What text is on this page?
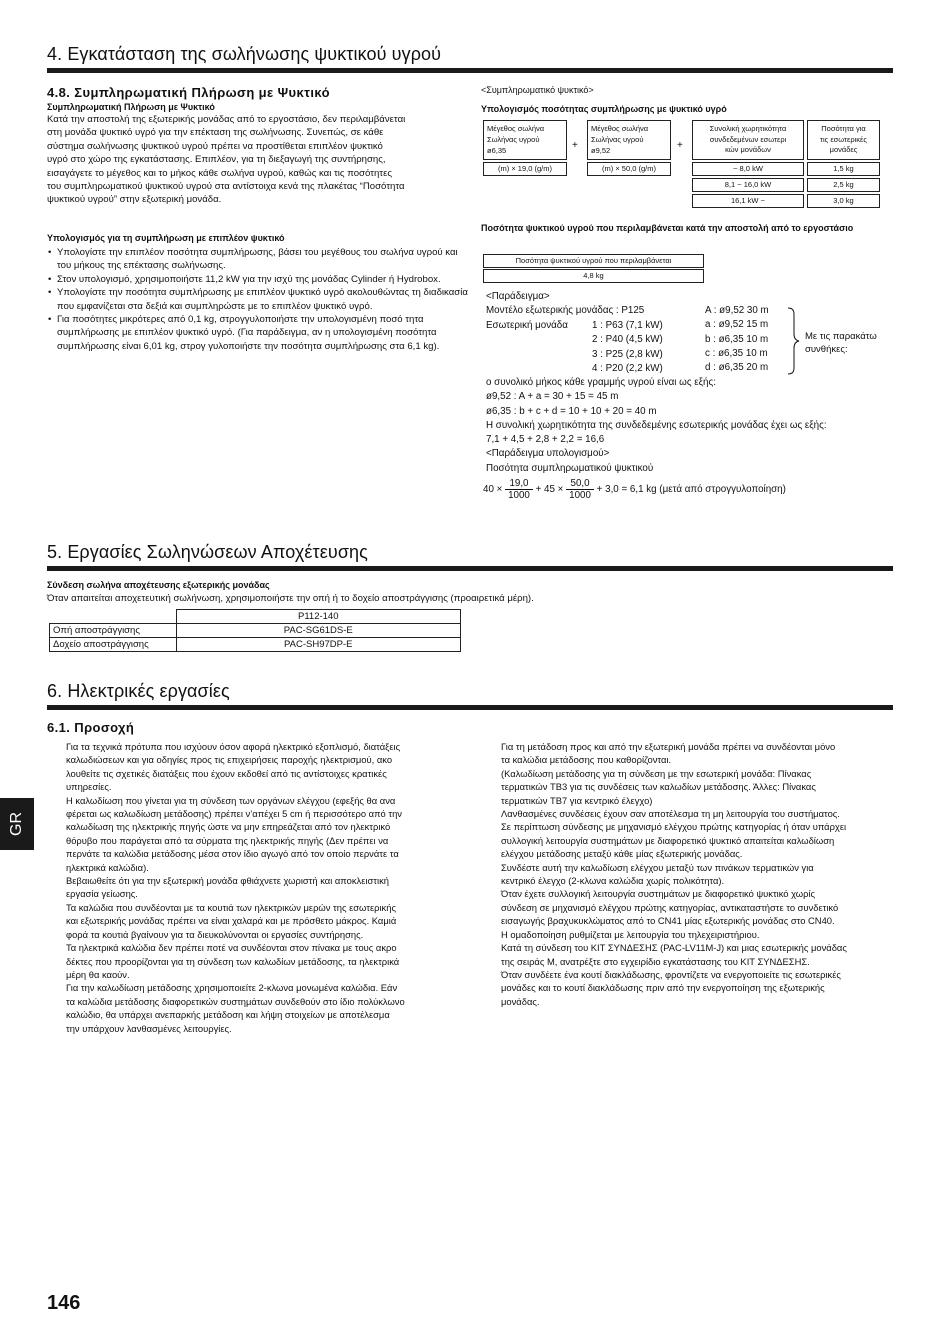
4. Εγκατάσταση της σωλήνωσης ψυκτικού υγρού
4.8. Συμπληρωματική Πλήρωση με Ψυκτικό
Συμπληρωματική Πλήρωση με Ψυκτικό
Κατά την αποστολή της εξωτερικής μονάδας από το εργοστάσιο, δεν περιλαμβάνεται
στη μονάδα ψυκτικό υγρό για την επέκταση της σωλήνωσης. Συνεπώς, σε κάθε
σύστημα σωλήνωσης ψυκτικού υγρού πρέπει να προστίθεται επιπλέον ψυκτικό
υγρό στο χώρο της εγκατάστασης. Επιπλέον, για τη διεξαγωγή της συντήρησης,
εισαγάγετε το μέγεθος και το μήκος κάθε σωλήνα υγρού, καθώς και τις ποσότητες
του συμπληρωματικού ψυκτικού υγρού στα αντίστοιχα κενά της πλακέτας “Ποσότητα
ψυκτικού υγρού” στην εξωτερική μονάδα.
Υπολογισμός για τη συμπλήρωση με επιπλέον ψυκτικό
• Υπολογίστε την επιπλέον ποσότητα συμπλήρωσης, βάσει του μεγέθους του σωλήνα υγρού και του μήκους της επέκτασης σωλήνωσης.
• Στον υπολογισμό, χρησιμοποιήστε 11,2 kW για την ισχύ της μονάδας Cylinder ή Hydrobox.
• Υπολογίστε την ποσότητα συμπλήρωσης με επιπλέον ψυκτικό υγρό ακολουθώντας τη διαδικασία που εμφανίζεται στα δεξιά και συμπληρώστε με το επιπλέον ψυκτικό υγρό.
• Για ποσότητες μικρότερες από 0,1 kg, στρογγυλοποιήστε την υπολογισμένη ποσό τητα συμπλήρωσης με επιπλέον ψυκτικό υγρό. (Για παράδειγμα, αν η υπολογισμένη ποσότητα συμπλήρωσης είναι 6,01 kg, στρογ γυλοποιήστε την ποσότητα συμπλήρωσης στα 6,1 kg).
<Συμπληρωματικό ψυκτικό>
Υπολογισμός ποσότητας συμπλήρωσης με ψυκτικό υγρό
Μέγεθος σωλήνα
Σωλήνας υγρού
ø6,35
(m) × 19,0 (g/m)
+
Μέγεθος σωλήνα
Σωλήνας υγρού
ø9,52
(m) × 50,0 (g/m)
+
Συνολική χωρητικότητα
συνδεδεμένων εσωτερι
κών μονάδων
Ποσότητα για
τις εσωτερικές
μονάδες
~ 8,0 kW	1,5 kg
8,1 ~ 16,0 kW	2,5 kg
16,1 kW ~	3,0 kg
Ποσότητα ψυκτικού υγρού που περιλαμβάνεται κατά την αποστολή από το εργοστάσιο
Ποσότητα ψυκτικού υγρού που περιλαμβάνεται
4,8 kg
<Παράδειγμα>
Μοντέλο εξωτερικής μονάδας : P125
Εσωτερική μονάδα 1 : P63 (7,1 kW)
2 : P40 (4,5 kW)
3 : P25 (2,8 kW)
4 : P20 (2,2 kW)
A : ø9,52 30 m
a : ø9,52 15 m
b : ø6,35 10 m
c : ø6,35 10 m
d : ø6,35 20 m
Με τις παρακάτω συνθήκες:
ο συνολικό μήκος κάθε γραμμής υγρού είναι ως εξής:
ø9,52 : A + a = 30 + 15 = 45 m
ø6,35 : b + c + d = 10 + 10 + 20 = 40 m
Η συνολική χωρητικότητα της συνδεδεμένης εσωτερικής μονάδας έχει ως εξής:
7,1 + 4,5 + 2,8 + 2,2 = 16,6
<Παράδειγμα υπολογισμού>
Ποσότητα συμπληρωματικού ψυκτικού
$40 \times \frac{19,0}{1000} + 45 \times \frac{50,0}{1000} + 3,0 = 6,1$ kg (μετά από στρογγυλοποίηση)
5. Εργασίες Σωληνώσεων Αποχέτευσης
Σύνδεση σωλήνα αποχέτευσης εξωτερικής μονάδας
Όταν απαιτείται αποχετευτική σωλήνωση, χρησιμοποιήστε την οπή ή το δοχείο αποστράγγισης (προαιρετικά μέρη).
	P112-140
Οπή αποστράγγισης	PAC-SG61DS-E
Δοχείο αποστράγγισης	PAC-SH97DP-E
6. Ηλεκτρικές εργασίες
6.1. Προσοχή
Για τα τεχνικά πρότυπα που ισχύουν όσον αφορά ηλεκτρικό εξοπλισμό, διατάξεις
καλωδιώσεων και για οδηγίες προς τις επιχειρήσεις παροχής ηλεκτρισμού, ακο
λουθείτε τις σχετικές διατάξεις που έχουν εκδοθεί από τις αντίστοιχες κρατικές
υπηρεσίες.
Η καλωδίωση που γίνεται για τη σύνδεση των οργάνων ελέγχου (εφεξής θα ανα
φέρεται ως καλωδίωση μετάδοσης) πρέπει ν’απέχει 5 cm ή περισσότερο από την
καλωδίωση της ηλεκτρικής πηγής ώστε να μην επηρεάζεται από τον ηλεκτρικό
θόρυβο που παράγεται από τα σύρματα της ηλεκτρικής πηγής (Δεν πρέπει να
περνάτε τα καλώδια μετάδοσης μέσα στον ίδιο αγωγό από τον οποίο περνάτε τα
ηλεκτρικά καλώδια).
Βεβαιωθείτε ότι για την εξωτερική μονάδα φθιάχνετε χωριστή και αποκλειστική
εργασία γείωσης.
Τα καλώδια που συνδέονται με τα κουτιά των ηλεκτρικών μερών της εσωτερικής
και εξωτερικής μονάδας πρέπει να είναι χαλαρά και με πρόσθετο μάκρος. Καμιά
φορά τα κουτιά βγαίνουν για τα διευκολύνονται οι εργασίες συντήρησης.
Τα ηλεκτρικά καλώδια δεν πρέπει ποτέ να συνδέονται στον πίνακα με τους ακρο
δέκτες που προορίζονται για τη σύνδεση των καλωδίων μετάδοσης, τα ηλεκτρικά
μέρη θα καούν.
Για την καλωδίωση μετάδοσης χρησιμοποιείτε 2-κλωνα μονωμένα καλώδια. Εάν
τα καλώδια μετάδοσης διαφορετικών συστημάτων συνδεθούν στο ίδιο πολύκλωνο
καλώδιο, θα υπάρχει ανεπαρκής μετάδοση και λήψη στοιχείων με αποτέλεσμα
την υπάρχουν λανθασμένες λειτουργίες.
Για τη μετάδοση προς και από την εξωτερική μονάδα πρέπει να συνδέονται μόνο
τα καλώδια μετάδοσης που καθορίζονται.
(Καλωδίωση μετάδοσης για τη σύνδεση με την εσωτερική μονάδα: Πίνακας
τερματικών TB3 για τις συνδέσεις των καλωδίων μετάδοσης. Άλλες: Πίνακας
τερματικών TB7 για κεντρικό έλεγχο)
Λανθασμένες συνδέσεις έχουν σαν αποτέλεσμα τη μη λειτουργία του συστήματος.
Σε περίπτωση σύνδεσης με μηχανισμό ελέγχου πρώτης κατηγορίας ή όταν υπάρχει
συλλογική λειτουργία συστημάτων με διαφορετικό ψυκτικό απαιτείται καλωδίωση
ελέγχου μετάδοσης μεταξύ κάθε μίας εξωτερικής μονάδας.
Συνδέστε αυτή την καλωδίωση ελέγχου μεταξύ των πινάκων τερματικών για
κεντρικό έλεγχο (2-κλωνα καλώδια χωρίς πολικότητα).
Όταν έχετε συλλογική λειτουργία συστημάτων με διαφορετικό ψυκτικό χωρίς
σύνδεση σε μηχανισμό ελέγχου πρώτης κατηγορίας, αντικαταστήστε το συνδετικό
εισαγωγής βραχυκυκλώματος από το CN41 μίας εξωτερικής μονάδας στο CN40.
Η ομαδοποίηση ρυθμίζεται με λειτουργία του τηλεχειριστήριου.
Κατά τη σύνδεση του KIT ΣΥΝΔΕΣΗΣ (PAC-LV11M-J) και μιας εσωτερικής μονάδας
της σειράς M, ανατρέξτε στο εγχειρίδιο εγκατάστασης του KIT ΣΥΝΔΕΣΗΣ.
Όταν συνδέετε ένα κουτί διακλάδωσης, φροντίζετε να ενεργοποιείτε τις εσωτερικές
μονάδες και το κουτί διακλάδωσης πριν από την ενεργοποίηση της εξωτερικής
μονάδας.
GR
146
